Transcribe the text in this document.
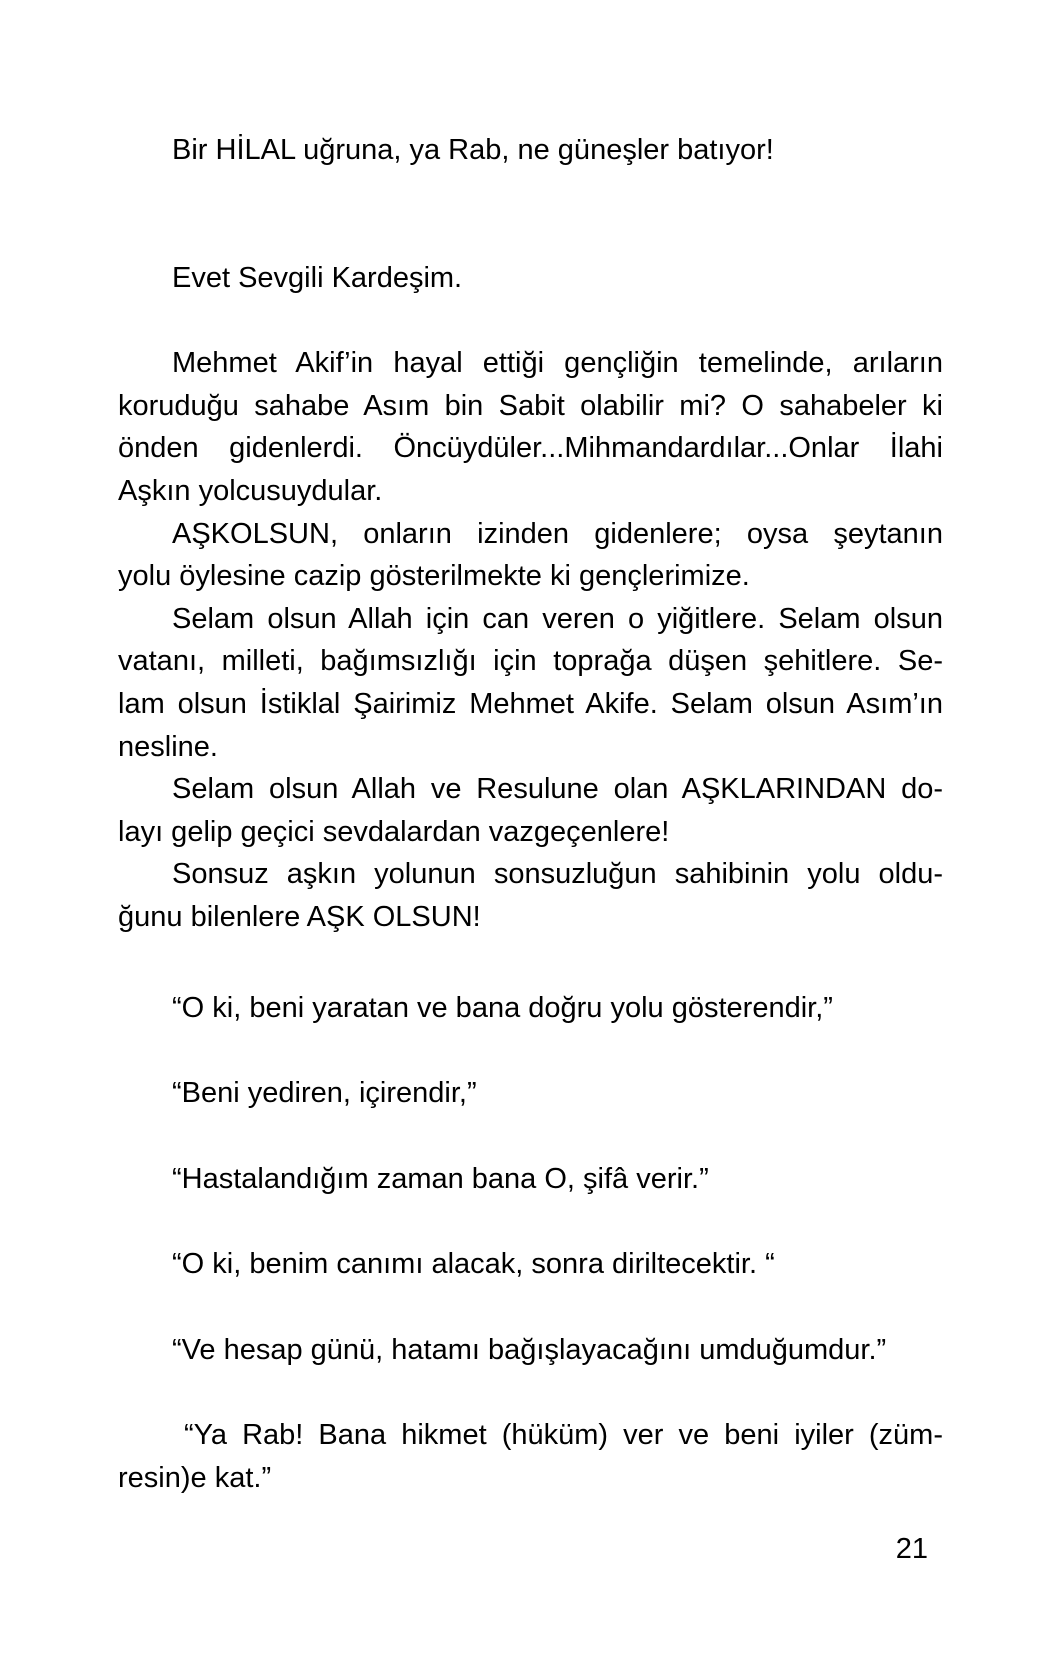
Bir HİLAL uğruna, ya Rab, ne güneşler batıyor!
Evet Sevgili Kardeşim.
Mehmet Akif’in hayal ettiği gençliğin temelinde, arıların
koruduğu sahabe Asım bin Sabit olabilir mi? O sahabeler ki
önden gidenlerdi. Öncüydüler...Mihmandardılar...Onlar İlahi
Aşkın yolcusuydular.
AŞKOLSUN, onların izinden gidenlere; oysa şeytanın
yolu öylesine cazip gösterilmekte ki gençlerimize.
Selam olsun Allah için can veren o yiğitlere. Selam olsun
vatanı, milleti, bağımsızlığı için toprağa düşen şehitlere. Se-
lam olsun İstiklal Şairimiz Mehmet Akife. Selam olsun Asım’ın
nesline.
Selam olsun Allah ve Resulune olan AŞKLARINDAN do-
layı gelip geçici sevdalardan vazgeçenlere!
Sonsuz aşkın yolunun sonsuzluğun sahibinin yolu oldu-
ğunu bilenlere AŞK OLSUN!
“O ki, beni yaratan ve bana doğru yolu gösterendir,”
“Beni yediren, içirendir,”
“Hastalandığım zaman bana O, şifâ verir.”
“O ki, benim canımı alacak, sonra diriltecektir. “
“Ve hesap günü, hatamı bağışlayacağını umduğumdur.”
“Ya Rab! Bana hikmet (hüküm) ver ve beni iyiler (züm-
resin)e kat.”
21
